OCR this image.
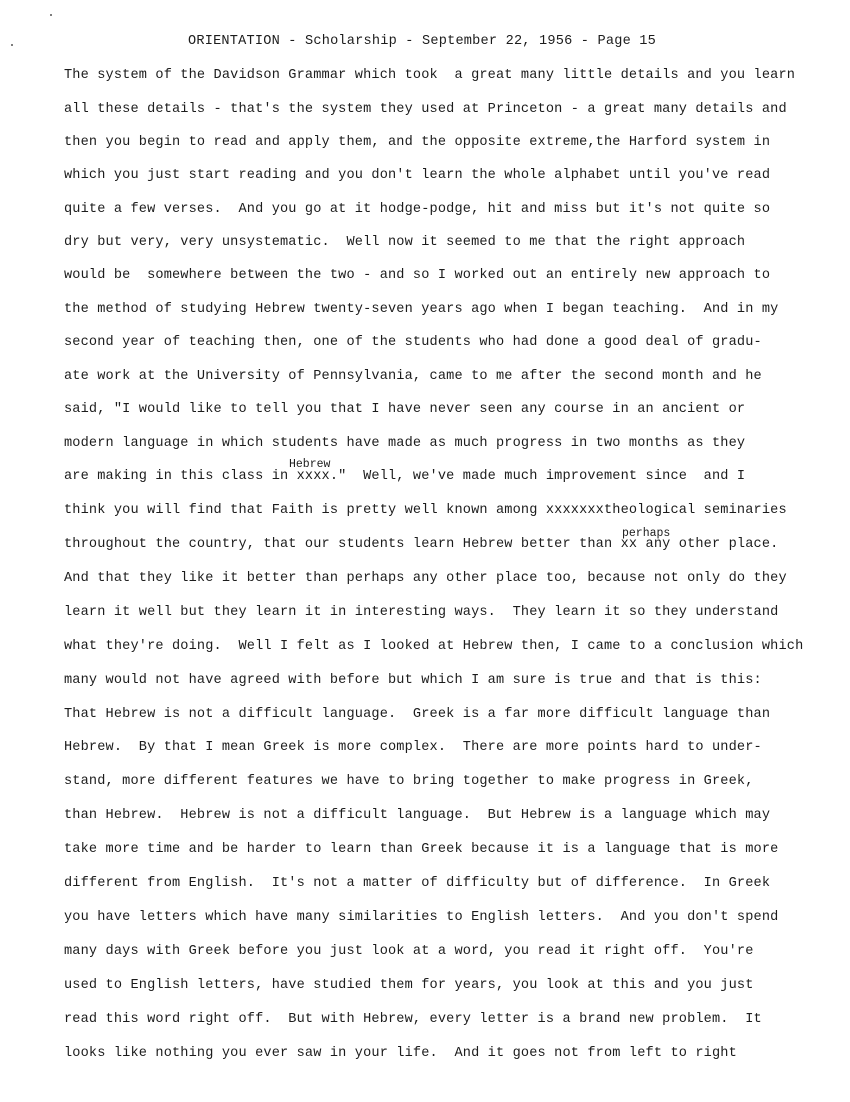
ORIENTATION - Scholarship - September 22, 1956 - Page 15
The system of the Davidson Grammar which took  a great many little details and you learn
all these details - that's the system they used at Princeton - a great many details and
then you begin to read and apply them, and the opposite extreme,the Harford system in
which you just start reading and you don't learn the whole alphabet until you've read
quite a few verses.  And you go at it hodge-podge, hit and miss but it's not quite so
dry but very, very unsystematic.  Well now it seemed to me that the right approach
would be  somewhere between the two - and so I worked out an entirely new approach to
the method of studying Hebrew twenty-seven years ago when I began teaching.  And in my
second year of teaching then, one of the students who had done a good deal of gradu-
ate work at the University of Pennsylvania, came to me after the second month and he
said, "I would like to tell you that I have never seen any course in an ancient or
modern language in which students have made as much progress in two months as they
Hebrew
are making in this class in xxxx."  Well, we've made much improvement since  and I
think you will find that Faith is pretty well known among xxxxxxxtheological seminaries
perhaps
throughout the country, that our students learn Hebrew better than xx any other place.
And that they like it better than perhaps any other place too, because not only do they
learn it well but they learn it in interesting ways.  They learn it so they understand
what they're doing.  Well I felt as I looked at Hebrew then, I came to a conclusion which
many would not have agreed with before but which I am sure is true and that is this:
That Hebrew is not a difficult language.  Greek is a far more difficult language than
Hebrew.  By that I mean Greek is more complex.  There are more points hard to under-
stand, more different features we have to bring together to make progress in Greek,
than Hebrew.  Hebrew is not a difficult language.  But Hebrew is a language which may
take more time and be harder to learn than Greek because it is a language that is more
different from English.  It's not a matter of difficulty but of difference.  In Greek
you have letters which have many similarities to English letters.  And you don't spend
many days with Greek before you just look at a word, you read it right off.  You're
used to English letters, have studied them for years, you look at this and you just
read this word right off.  But with Hebrew, every letter is a brand new problem.  It
looks like nothing you ever saw in your life.  And it goes not from left to right
